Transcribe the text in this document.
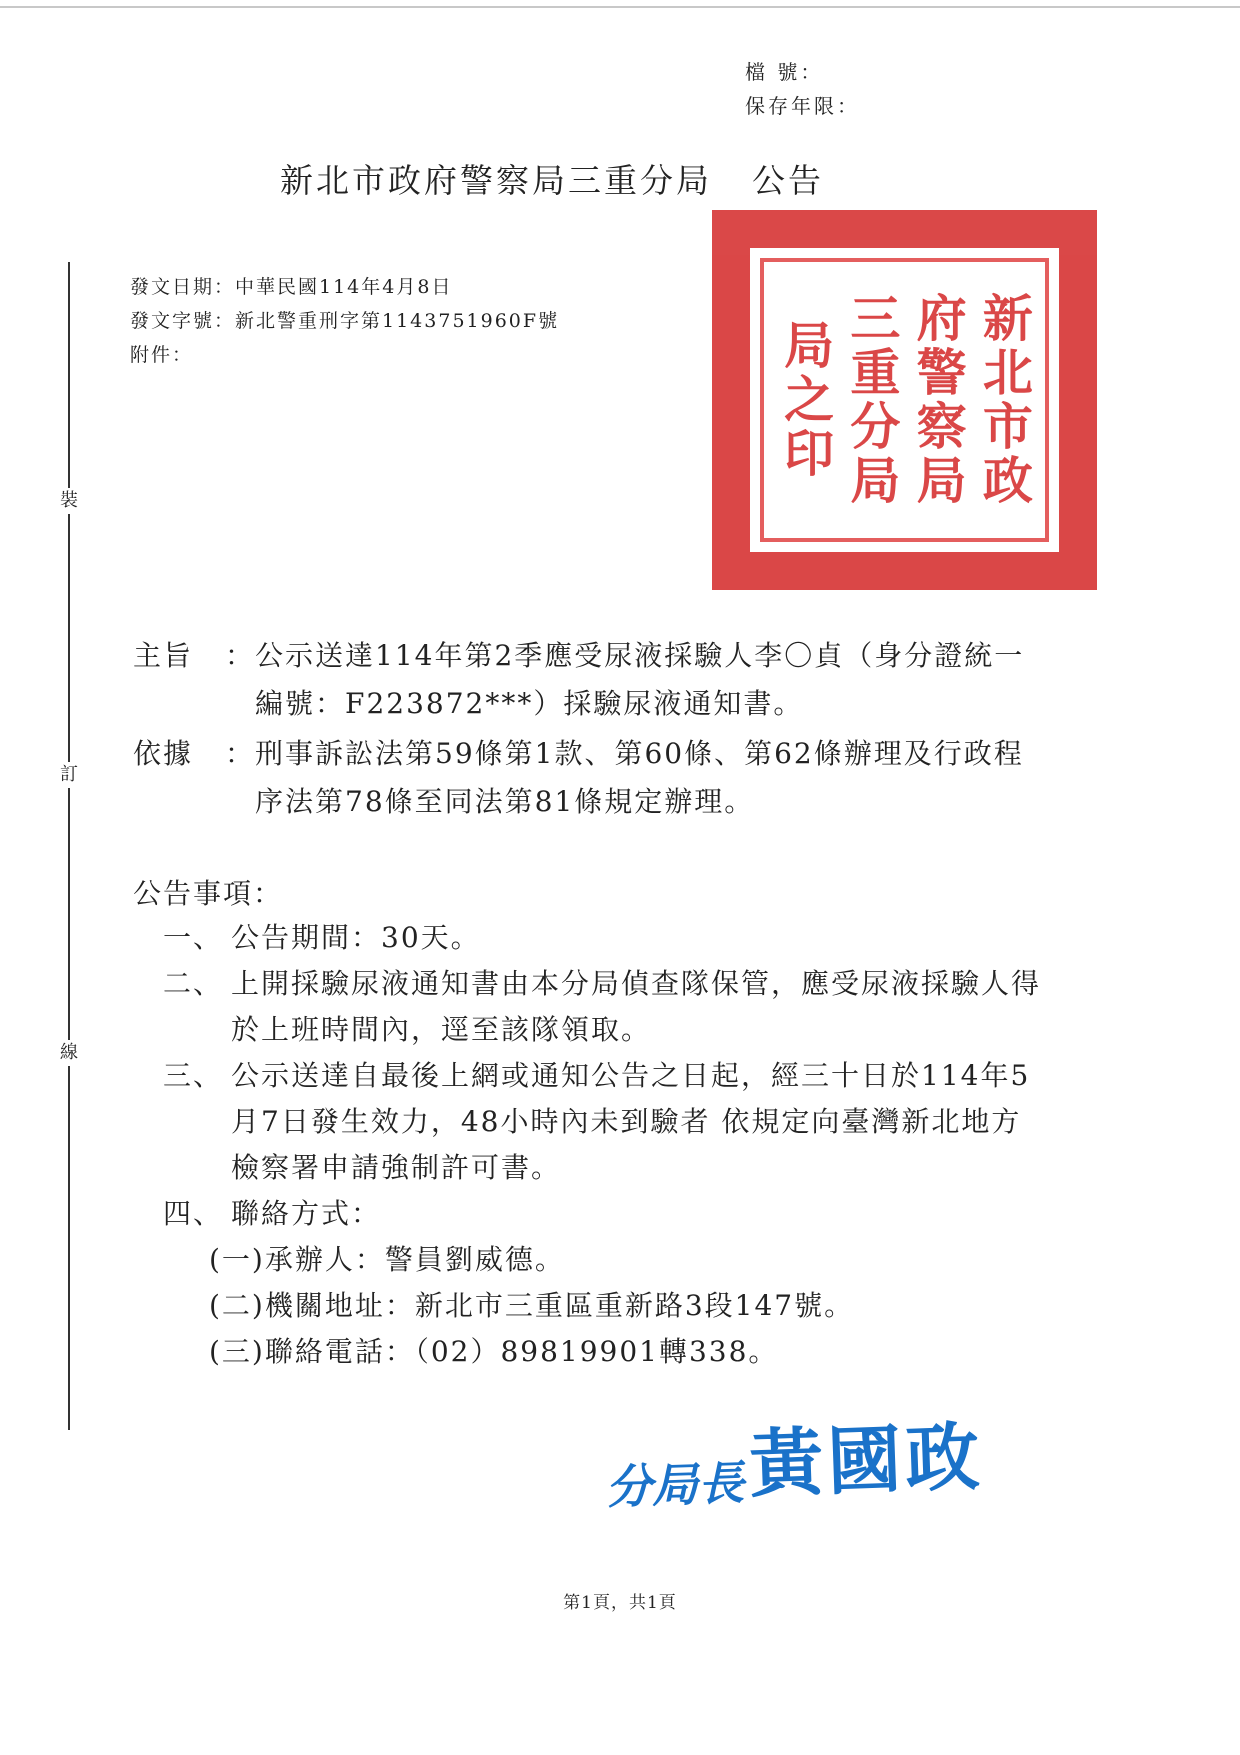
檔 號：
保存年限：
新北市政府警察局三重分局 公告
裝
訂
線
發文日期：中華民國114年4月8日
發文字號：新北警重刑字第1143751960F號
附件：	新北市政
府警察局
三重分局
局之印
主旨	： 公示送達114年第2季應受尿液採驗人李〇貞（身分證統一編號：F223872***）採驗尿液通知書。
依據	： 刑事訴訟法第59條第1款、第60條、第62條辦理及行政程序法第78條至同法第81條規定辦理。
公告事項：
一、 公告期間：30天。
二、 上開採驗尿液通知書由本分局偵查隊保管，應受尿液採驗人得於上班時間內，逕至該隊領取。
三、 公示送達自最後上網或通知公告之日起，經三十日於114年5月7日發生效力，48小時內未到驗者 依規定向臺灣新北地方檢察署申請強制許可書。
四、 聯絡方式：
(一)承辦人：警員劉威德。
(二)機關地址：新北市三重區重新路3段147號。
(三)聯絡電話：（02）89819901轉338。
分局長 黃國政
第1頁，共1頁
